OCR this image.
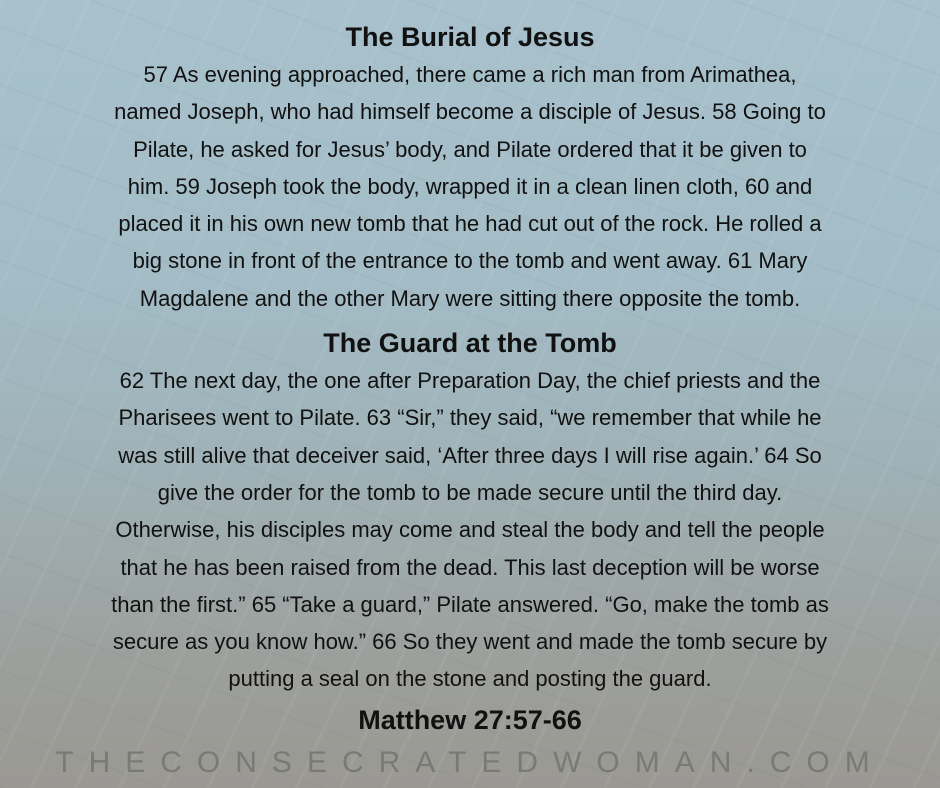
The Burial of Jesus
57 As evening approached, there came a rich man from Arimathea,
named Joseph, who had himself become a disciple of Jesus. 58 Going to
Pilate, he asked for Jesus’ body, and Pilate ordered that it be given to
him. 59 Joseph took the body, wrapped it in a clean linen cloth, 60 and
placed it in his own new tomb that he had cut out of the rock. He rolled a
big stone in front of the entrance to the tomb and went away. 61 Mary
Magdalene and the other Mary were sitting there opposite the tomb.
The Guard at the Tomb
62 The next day, the one after Preparation Day, the chief priests and the
Pharisees went to Pilate. 63 “Sir,” they said, “we remember that while he
was still alive that deceiver said, ‘After three days I will rise again.’ 64 So
give the order for the tomb to be made secure until the third day.
Otherwise, his disciples may come and steal the body and tell the people
that he has been raised from the dead. This last deception will be worse
than the first.” 65 “Take a guard,” Pilate answered. “Go, make the tomb as
secure as you know how.” 66 So they went and made the tomb secure by
putting a seal on the stone and posting the guard.
Matthew 27:57-66
THECONSECRATEDWOMAN.COM
